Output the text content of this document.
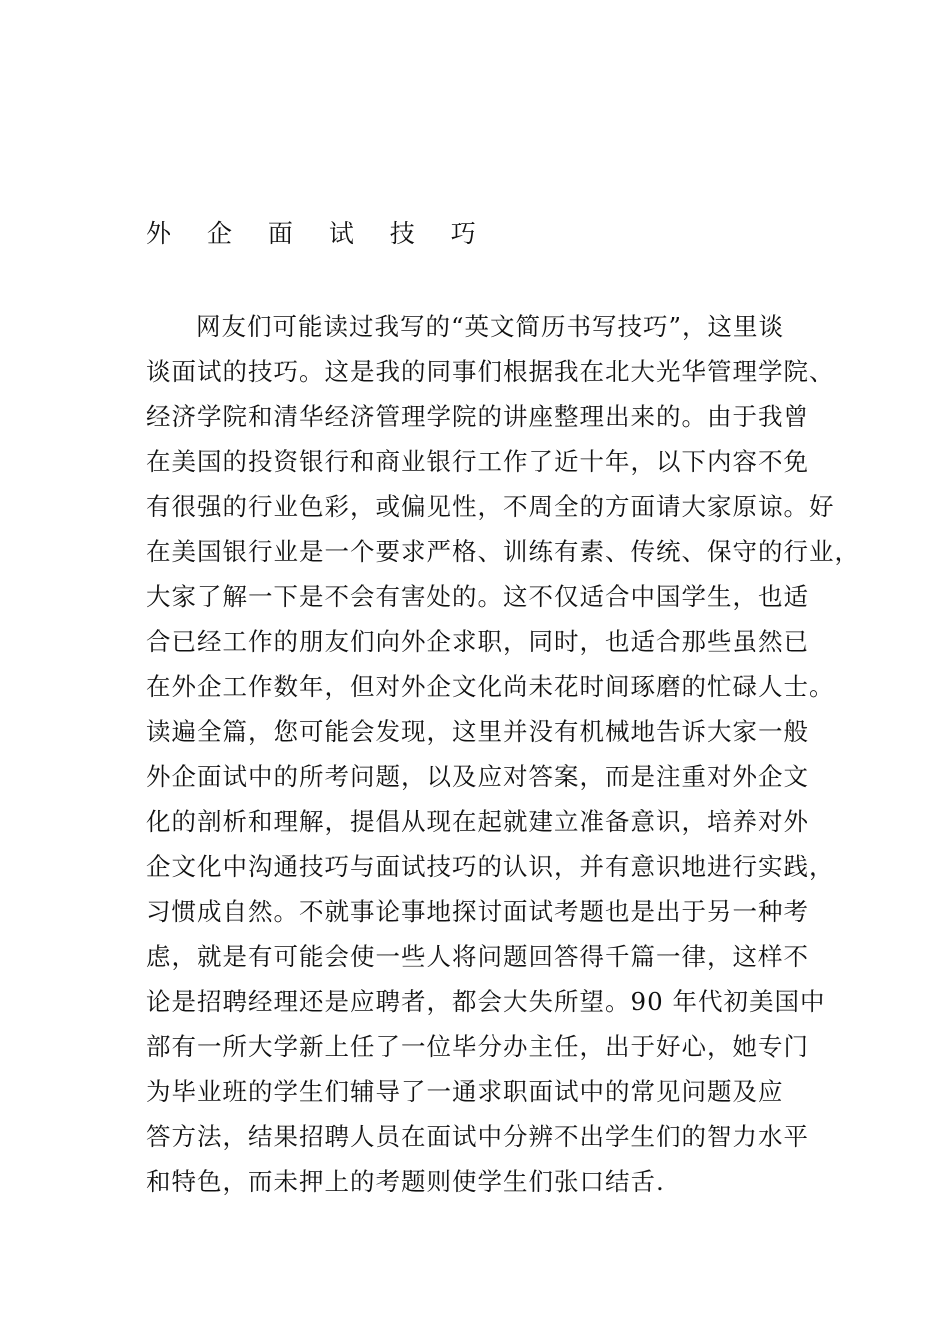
外 企 面 试 技 巧
网友们可能读过我写的“英文简历书写技巧”，这里谈
谈面试的技巧。这是我的同事们根据我在北大光华管理学院、
经济学院和清华经济管理学院的讲座整理出来的。由于我曾
在美国的投资银行和商业银行工作了近十年，以下内容不免
有很强的行业色彩，或偏见性，不周全的方面请大家原谅。好
在美国银行业是一个要求严格、训练有素、传统、保守的行业，
大家了解一下是不会有害处的。这不仅适合中国学生，也适
合已经工作的朋友们向外企求职，同时，也适合那些虽然已
在外企工作数年，但对外企文化尚未花时间琢磨的忙碌人士。
读遍全篇，您可能会发现，这里并没有机械地告诉大家一般
外企面试中的所考问题，以及应对答案，而是注重对外企文
化的剖析和理解，提倡从现在起就建立准备意识，培养对外
企文化中沟通技巧与面试技巧的认识，并有意识地进行实践，
习惯成自然。不就事论事地探讨面试考题也是出于另一种考
虑，就是有可能会使一些人将问题回答得千篇一律，这样不
论是招聘经理还是应聘者，都会大失所望。90 年代初美国中
部有一所大学新上任了一位毕分办主任，出于好心，她专门
为毕业班的学生们辅导了一通求职面试中的常见问题及应
答方法，结果招聘人员在面试中分辨不出学生们的智力水平
和特色，而未押上的考题则使学生们张口结舌.
